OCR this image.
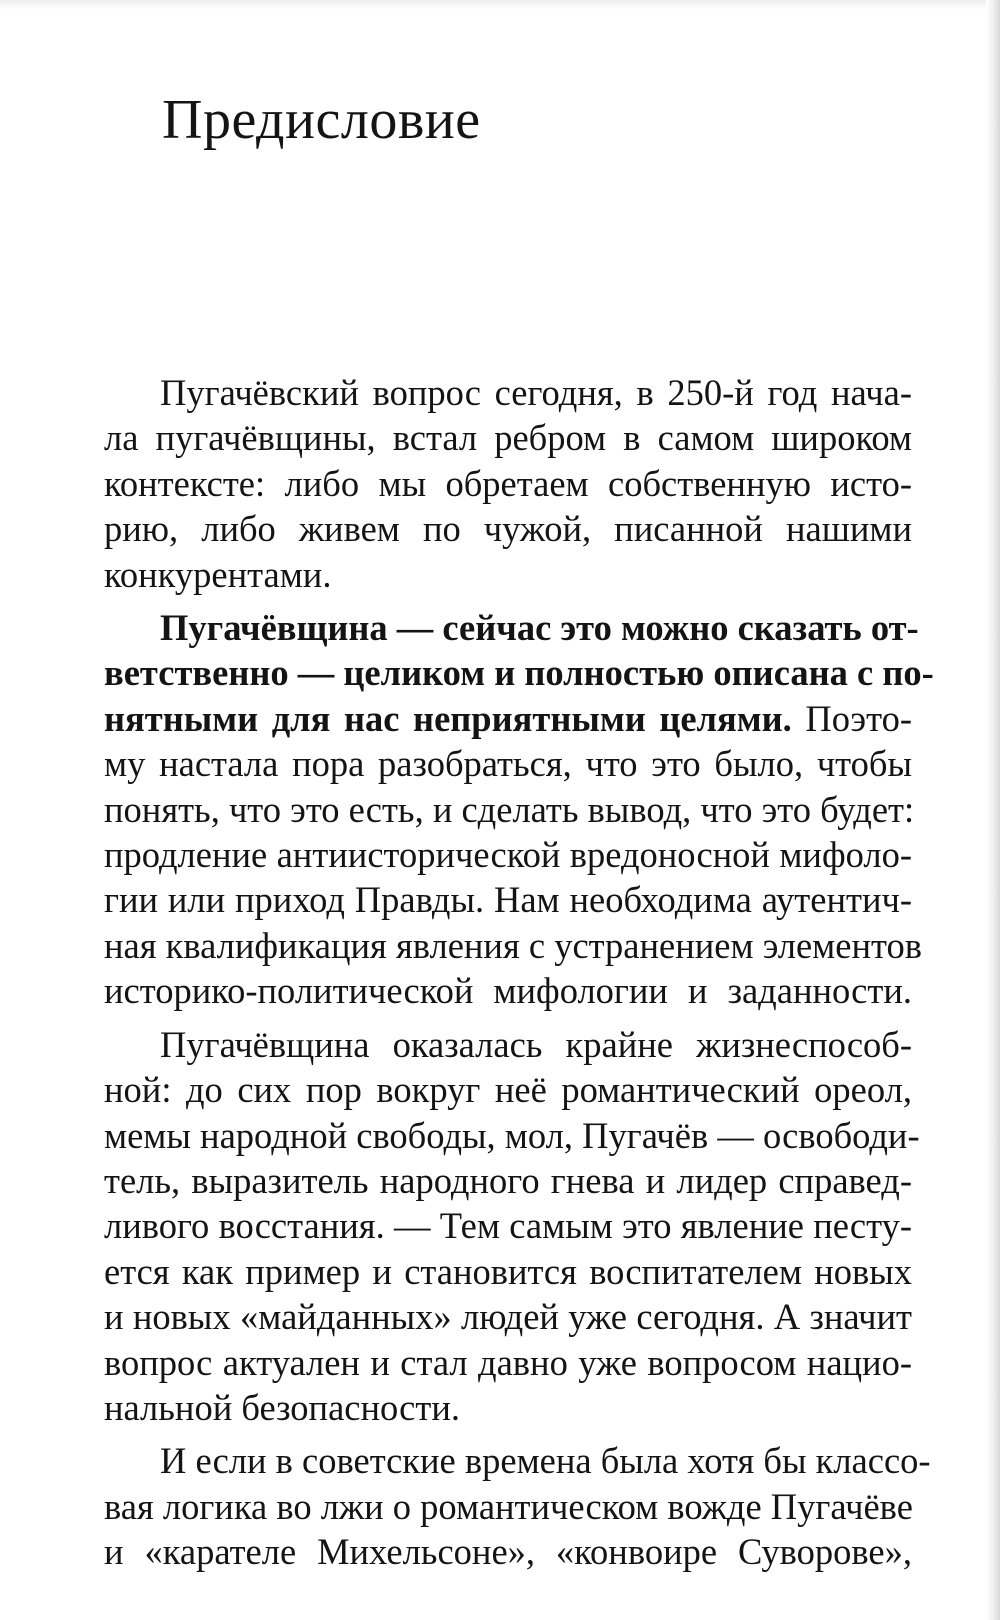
Предисловие

Пугачёвский вопрос сегодня, в 250-й год нача-
ла пугачёвщины, встал ребром в самом широком
контексте: либо мы обретаем собственную исто-
рию, либо живем по чужой, писанной нашими
конкурентами.

Пугачёвщина — сейчас это можно сказать от-
ветственно — целиком и полностью описана с по-
нятными для нас неприятными целями. Поэто-
му настала пора разобраться, что это было, чтобы
понять, что это есть, и сделать вывод, что это будет:
продление антиисторической вредоносной мифоло-
гии или приход Правды. Нам необходима аутентич-
ная квалификация явления с устранением элементов
историко-политической мифологии и заданности.

Пугачёвщина оказалась крайне жизнеспособ-
ной: до сих пор вокруг неё романтический ореол,
мемы народной свободы, мол, Пугачёв — освободи-
тель, выразитель народного гнева и лидер справед-
ливого восстания. — Тем самым это явление песту-
ется как пример и становится воспитателем новых
и новых «майданных» людей уже сегодня. А значит
вопрос актуален и стал давно уже вопросом нацио-
нальной безопасности.

И если в советские времена была хотя бы классо-
вая логика во лжи о романтическом вожде Пугачёве
и «карателе Михельсоне», «конвоире Суворове»,
